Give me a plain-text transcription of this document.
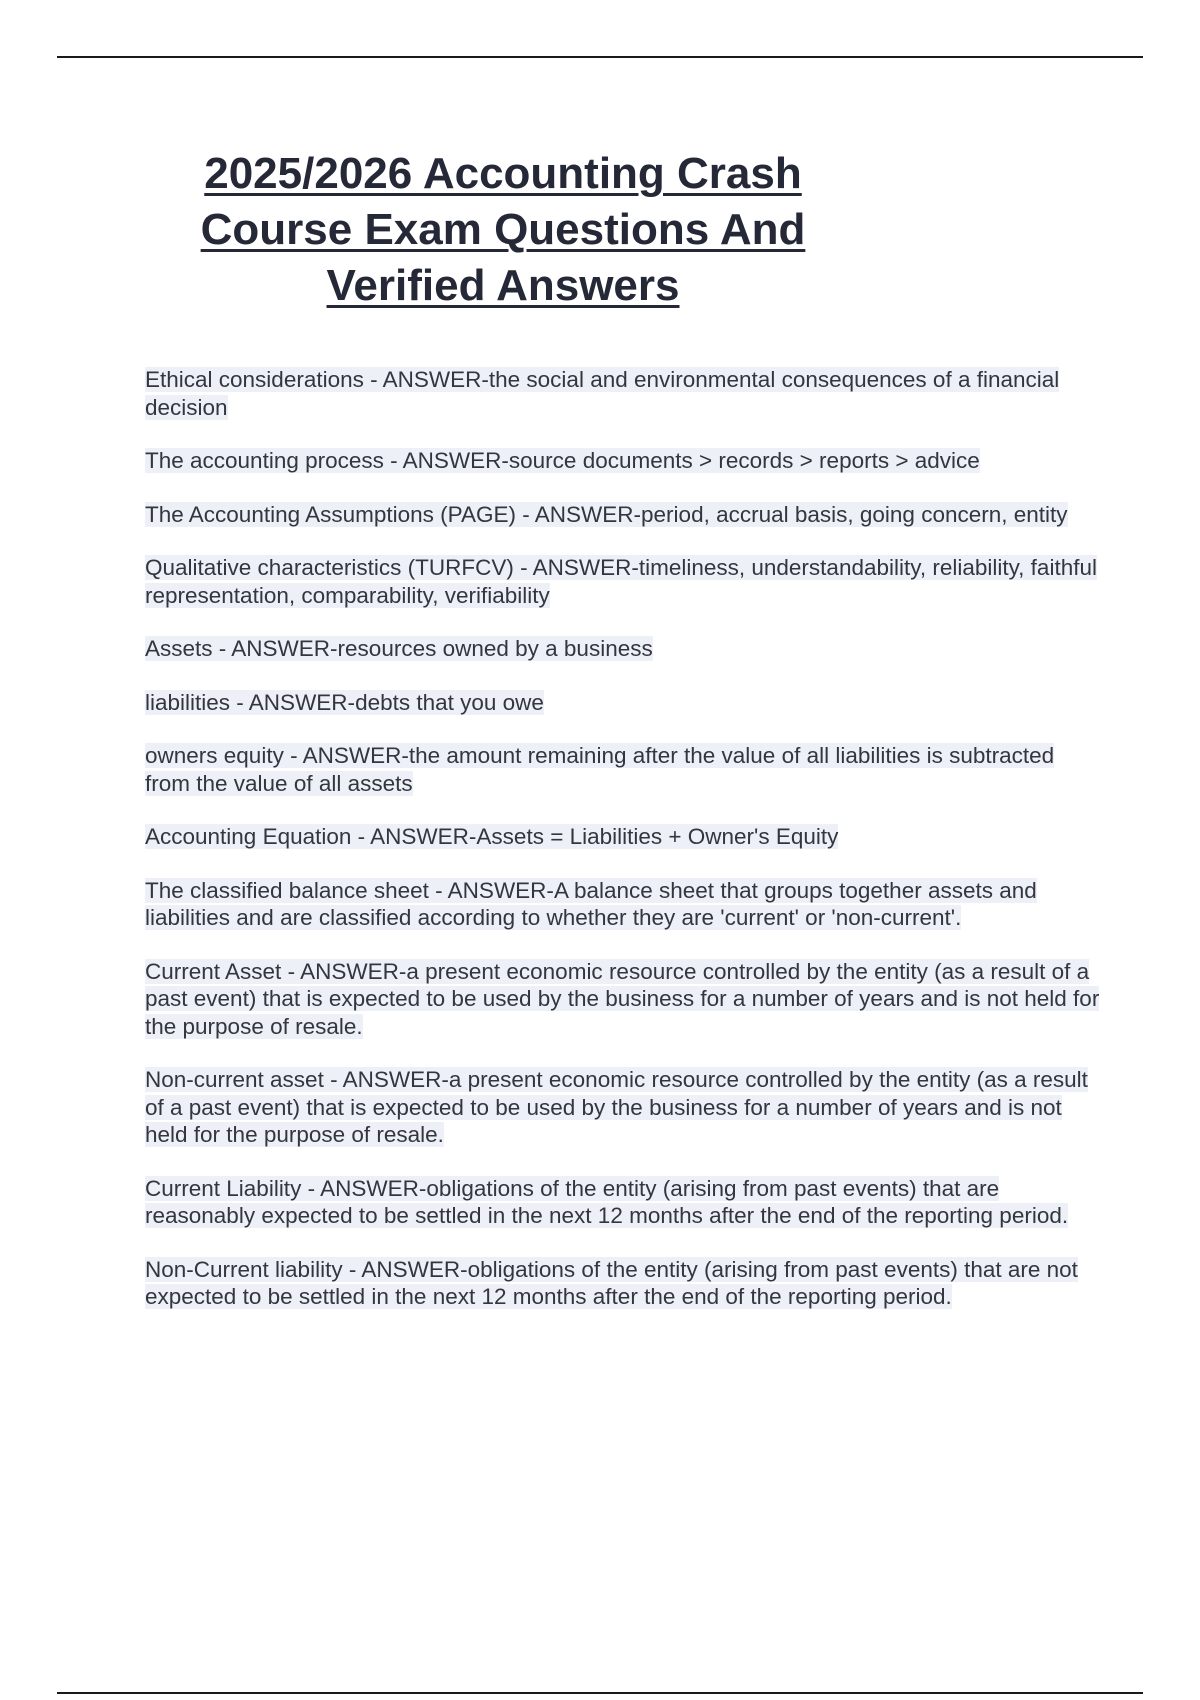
2025/2026 Accounting Crash
Course Exam Questions And
Verified Answers
Ethical considerations - ANSWER-the social and environmental consequences of a financial decision
The accounting process - ANSWER-source documents > records > reports > advice
The Accounting Assumptions (PAGE) - ANSWER-period, accrual basis, going concern, entity
Qualitative characteristics (TURFCV) - ANSWER-timeliness, understandability, reliability, faithful representation, comparability, verifiability
Assets - ANSWER-resources owned by a business
liabilities - ANSWER-debts that you owe
owners equity - ANSWER-the amount remaining after the value of all liabilities is subtracted from the value of all assets
Accounting Equation - ANSWER-Assets = Liabilities + Owner's Equity
The classified balance sheet - ANSWER-A balance sheet that groups together assets and liabilities and are classified according to whether they are 'current' or 'non-current'.
Current Asset - ANSWER-a present economic resource controlled by the entity (as a result of a past event) that is expected to be used by the business for a number of years and is not held for the purpose of resale.
Non-current asset - ANSWER-a present economic resource controlled by the entity (as a result of a past event) that is expected to be used by the business for a number of years and is not held for the purpose of resale.
Current Liability - ANSWER-obligations of the entity (arising from past events) that are reasonably expected to be settled in the next 12 months after the end of the reporting period.
Non-Current liability - ANSWER-obligations of the entity (arising from past events) that are not expected to be settled in the next 12 months after the end of the reporting period.
